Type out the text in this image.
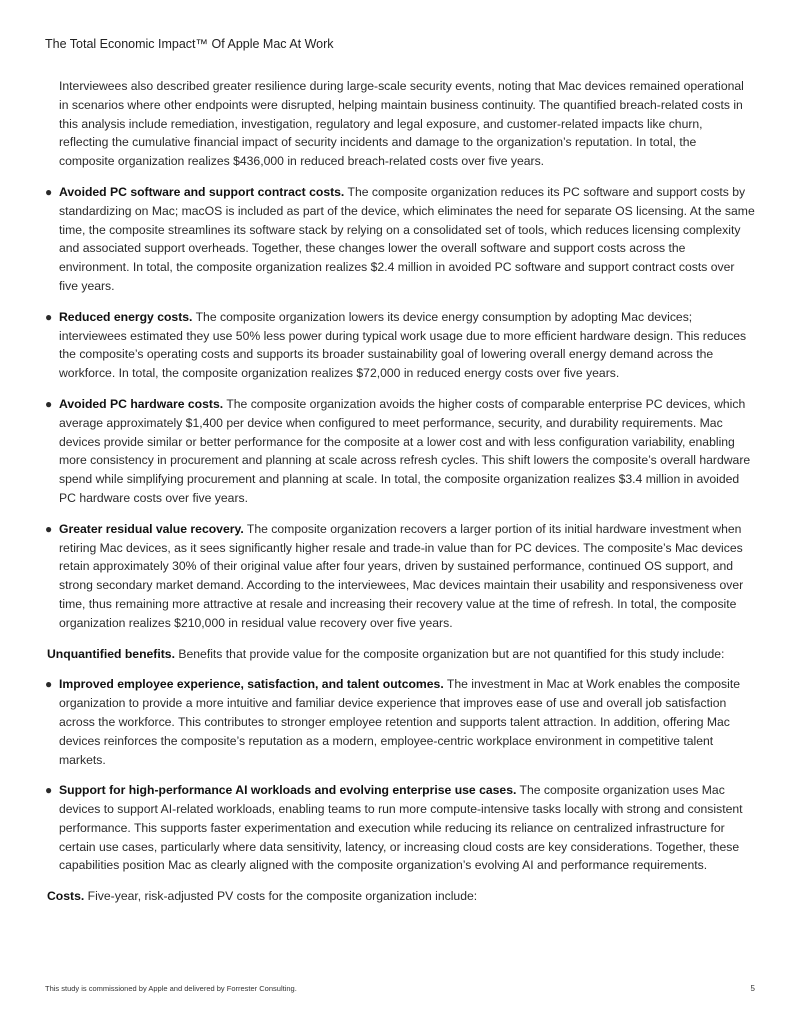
The Total Economic Impact™ Of Apple Mac At Work

Interviewees also described greater resilience during large-scale security events, noting that Mac devices remained operational in scenarios where other endpoints were disrupted, helping maintain business continuity. The quantified breach-related costs in this analysis include remediation, investigation, regulatory and legal exposure, and customer-related impacts like churn, reflecting the cumulative financial impact of security incidents and damage to the organization’s reputation. In total, the composite organization realizes $436,000 in reduced breach-related costs over five years.

● Avoided PC software and support contract costs. The composite organization reduces its PC software and support costs by standardizing on Mac; macOS is included as part of the device, which eliminates the need for separate OS licensing. At the same time, the composite streamlines its software stack by relying on a consolidated set of tools, which reduces licensing complexity and associated support overheads. Together, these changes lower the overall software and support costs across the environment. In total, the composite organization realizes $2.4 million in avoided PC software and support contract costs over five years.
● Reduced energy costs. The composite organization lowers its device energy consumption by adopting Mac devices; interviewees estimated they use 50% less power during typical work usage due to more efficient hardware design. This reduces the composite’s operating costs and supports its broader sustainability goal of lowering overall energy demand across the workforce. In total, the composite organization realizes $72,000 in reduced energy costs over five years.
● Avoided PC hardware costs. The composite organization avoids the higher costs of comparable enterprise PC devices, which average approximately $1,400 per device when configured to meet performance, security, and durability requirements. Mac devices provide similar or better performance for the composite at a lower cost and with less configuration variability, enabling more consistency in procurement and planning at scale across refresh cycles. This shift lowers the composite’s overall hardware spend while simplifying procurement and planning at scale. In total, the composite organization realizes $3.4 million in avoided PC hardware costs over five years.
● Greater residual value recovery. The composite organization recovers a larger portion of its initial hardware investment when retiring Mac devices, as it sees significantly higher resale and trade-in value than for PC devices. The composite’s Mac devices retain approximately 30% of their original value after four years, driven by sustained performance, continued OS support, and strong secondary market demand. According to the interviewees, Mac devices maintain their usability and responsiveness over time, thus remaining more attractive at resale and increasing their recovery value at the time of refresh. In total, the composite organization realizes $210,000 in residual value recovery over five years.

Unquantified benefits. Benefits that provide value for the composite organization but are not quantified for this study include:

● Improved employee experience, satisfaction, and talent outcomes. The investment in Mac at Work enables the composite organization to provide a more intuitive and familiar device experience that improves ease of use and overall job satisfaction across the workforce. This contributes to stronger employee retention and supports talent attraction. In addition, offering Mac devices reinforces the composite’s reputation as a modern, employee-centric workplace environment in competitive talent markets.
● Support for high-performance AI workloads and evolving enterprise use cases. The composite organization uses Mac devices to support AI-related workloads, enabling teams to run more compute-intensive tasks locally with strong and consistent performance. This supports faster experimentation and execution while reducing its reliance on centralized infrastructure for certain use cases, particularly where data sensitivity, latency, or increasing cloud costs are key considerations. Together, these capabilities position Mac as clearly aligned with the composite organization’s evolving AI and performance requirements.

Costs. Five-year, risk-adjusted PV costs for the composite organization include:

This study is commissioned by Apple and delivered by Forrester Consulting.	5
